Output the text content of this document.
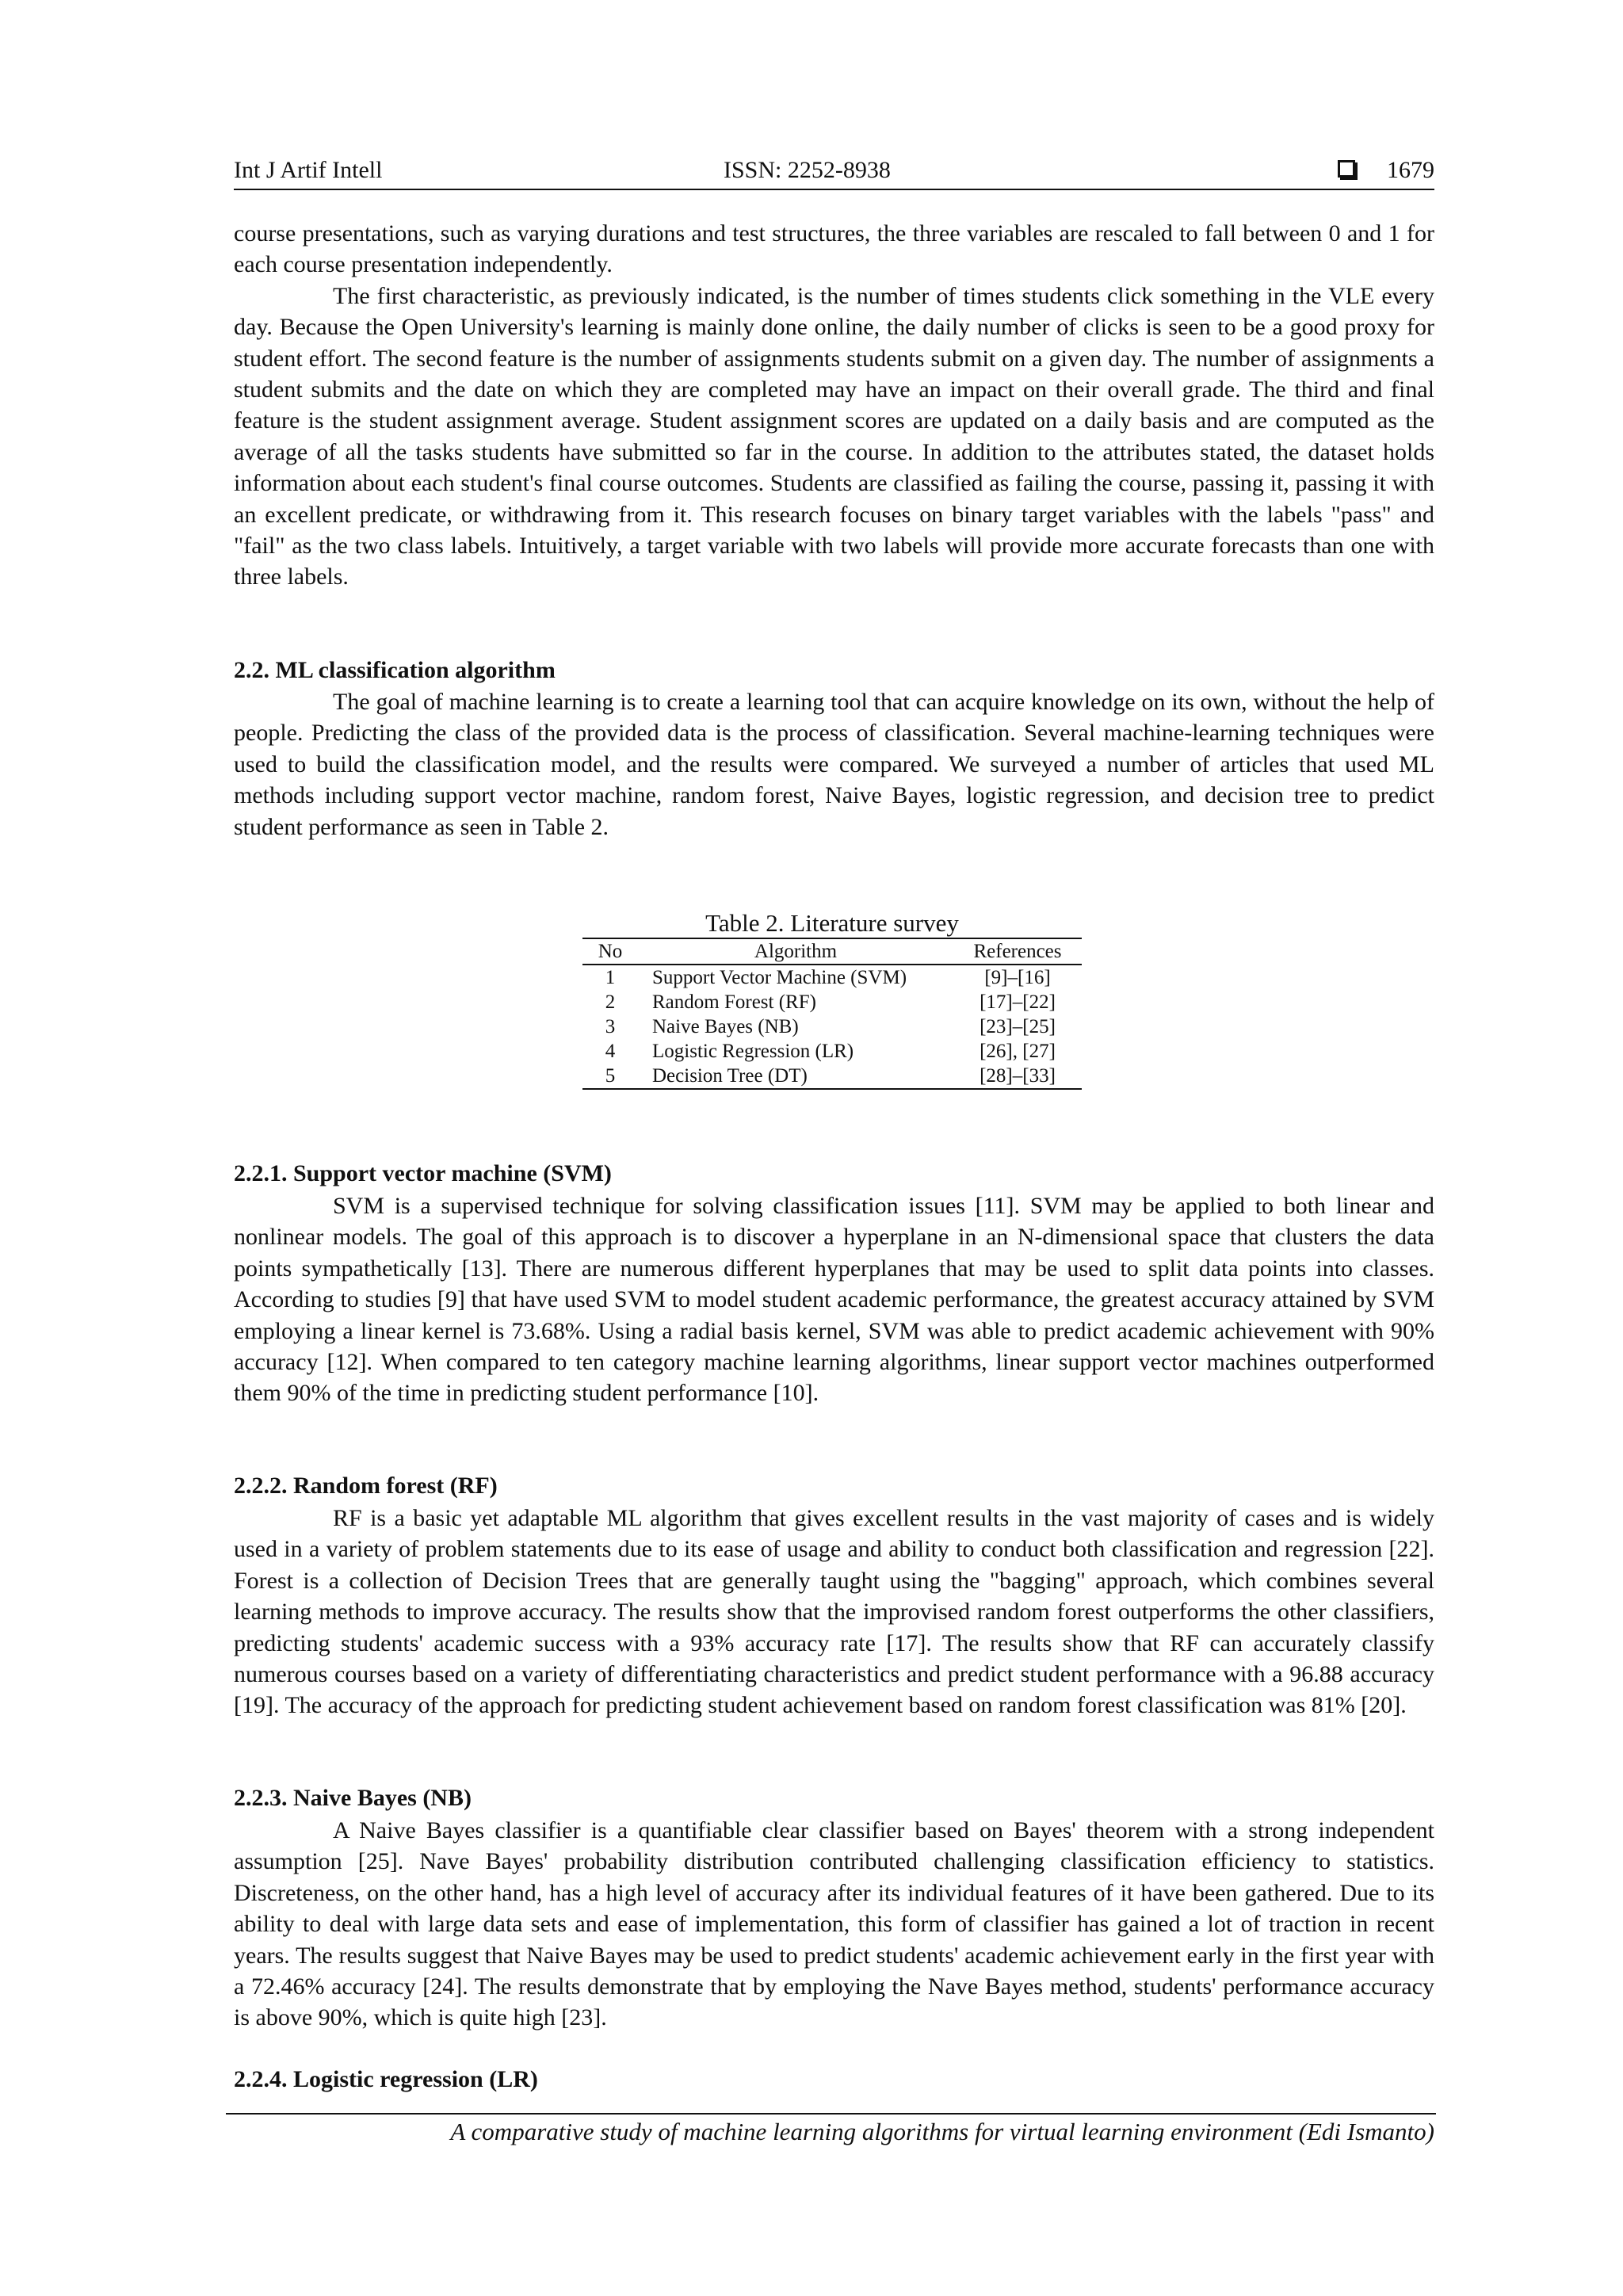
Int J Artif Intell	ISSN: 2252-8938	1679

course presentations, such as varying durations and test structures, the three variables are rescaled to fall between 0 and 1 for each course presentation independently.

The first characteristic, as previously indicated, is the number of times students click something in the VLE every day. Because the Open University's learning is mainly done online, the daily number of clicks is seen to be a good proxy for student effort. The second feature is the number of assignments students submit on a given day. The number of assignments a student submits and the date on which they are completed may have an impact on their overall grade. The third and final feature is the student assignment average. Student assignment scores are updated on a daily basis and are computed as the average of all the tasks students have submitted so far in the course. In addition to the attributes stated, the dataset holds information about each student's final course outcomes. Students are classified as failing the course, passing it, passing it with an excellent predicate, or withdrawing from it. This research focuses on binary target variables with the labels "pass" and "fail" as the two class labels. Intuitively, a target variable with two labels will provide more accurate forecasts than one with three labels.

2.2. ML classification algorithm

The goal of machine learning is to create a learning tool that can acquire knowledge on its own, without the help of people. Predicting the class of the provided data is the process of classification. Several machine-learning techniques were used to build the classification model, and the results were compared. We surveyed a number of articles that used ML methods including support vector machine, random forest, Naive Bayes, logistic regression, and decision tree to predict student performance as seen in Table 2.

Table 2. Literature survey
No	Algorithm	References
1	Support Vector Machine (SVM)	[9]–[16]
2	Random Forest (RF)	[17]–[22]
3	Naive Bayes (NB)	[23]–[25]
4	Logistic Regression (LR)	[26], [27]
5	Decision Tree (DT)	[28]–[33]
2.2.1. Support vector machine (SVM)

SVM is a supervised technique for solving classification issues [11]. SVM may be applied to both linear and nonlinear models. The goal of this approach is to discover a hyperplane in an N-dimensional space that clusters the data points sympathetically [13]. There are numerous different hyperplanes that may be used to split data points into classes. According to studies [9] that have used SVM to model student academic performance, the greatest accuracy attained by SVM employing a linear kernel is 73.68%. Using a radial basis kernel, SVM was able to predict academic achievement with 90% accuracy [12]. When compared to ten category machine learning algorithms, linear support vector machines outperformed them 90% of the time in predicting student performance [10].

2.2.2. Random forest (RF)

RF is a basic yet adaptable ML algorithm that gives excellent results in the vast majority of cases and is widely used in a variety of problem statements due to its ease of usage and ability to conduct both classification and regression [22]. Forest is a collection of Decision Trees that are generally taught using the "bagging" approach, which combines several learning methods to improve accuracy. The results show that the improvised random forest outperforms the other classifiers, predicting students' academic success with a 93% accuracy rate [17]. The results show that RF can accurately classify numerous courses based on a variety of differentiating characteristics and predict student performance with a 96.88 accuracy [19]. The accuracy of the approach for predicting student achievement based on random forest classification was 81% [20].

2.2.3. Naive Bayes (NB)

A Naive Bayes classifier is a quantifiable clear classifier based on Bayes' theorem with a strong independent assumption [25]. Nave Bayes' probability distribution contributed challenging classification efficiency to statistics. Discreteness, on the other hand, has a high level of accuracy after its individual features of it have been gathered. Due to its ability to deal with large data sets and ease of implementation, this form of classifier has gained a lot of traction in recent years. The results suggest that Naive Bayes may be used to predict students' academic achievement early in the first year with a 72.46% accuracy [24]. The results demonstrate that by employing the Nave Bayes method, students' performance accuracy is above 90%, which is quite high [23].

2.2.4. Logistic regression (LR)
A comparative study of machine learning algorithms for virtual learning environment (Edi Ismanto)
